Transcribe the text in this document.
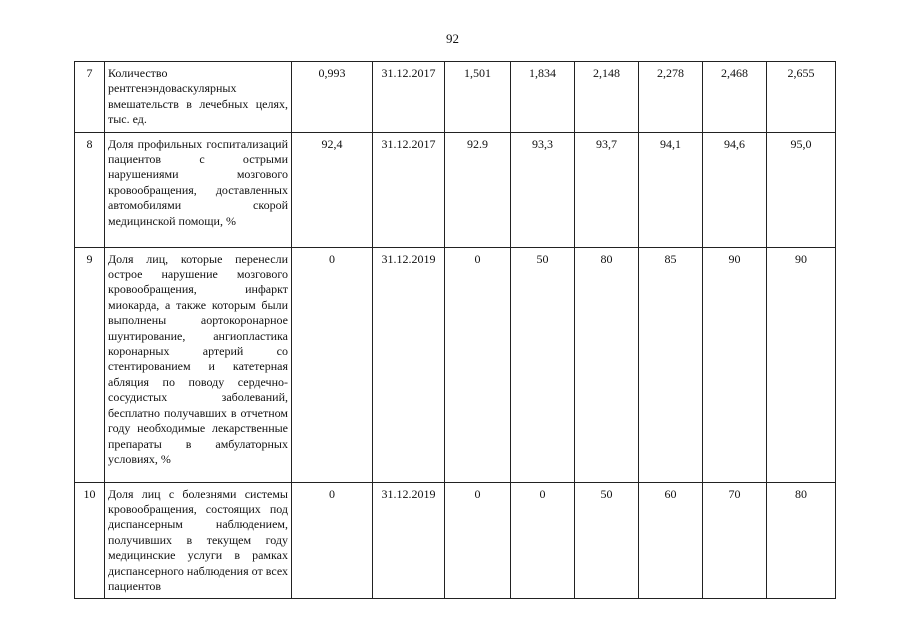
92
7	Количество рентгенэндоваскулярных вмешательств в лечебных целях, тыс. ед.	0,993	31.12.2017	1,501	1,834	2,148	2,278	2,468	2,655
8	Доля профильных госпитализаций пациентов с острыми нарушениями мозгового кровообращения, доставленных автомобилями скорой медицинской помощи, %	92,4	31.12.2017	92.9	93,3	93,7	94,1	94,6	95,0
9	Доля лиц, которые перенесли острое нарушение мозгового кровообращения, инфаркт миокарда, а также которым были выполнены аортокоронарное шунтирование, ангиопластика коронарных артерий со стентированием и катетерная абляция по поводу сердечно-сосудистых заболеваний, бесплатно получавших в отчетном году необходимые лекарственные препараты в амбулаторных условиях, %	0	31.12.2019	0	50	80	85	90	90
10	Доля лиц с болезнями системы кровообращения, состоящих под диспансерным наблюдением, получивших в текущем году медицинские услуги в рамках диспансерного наблюдения от всех пациентов	0	31.12.2019	0	0	50	60	70	80
